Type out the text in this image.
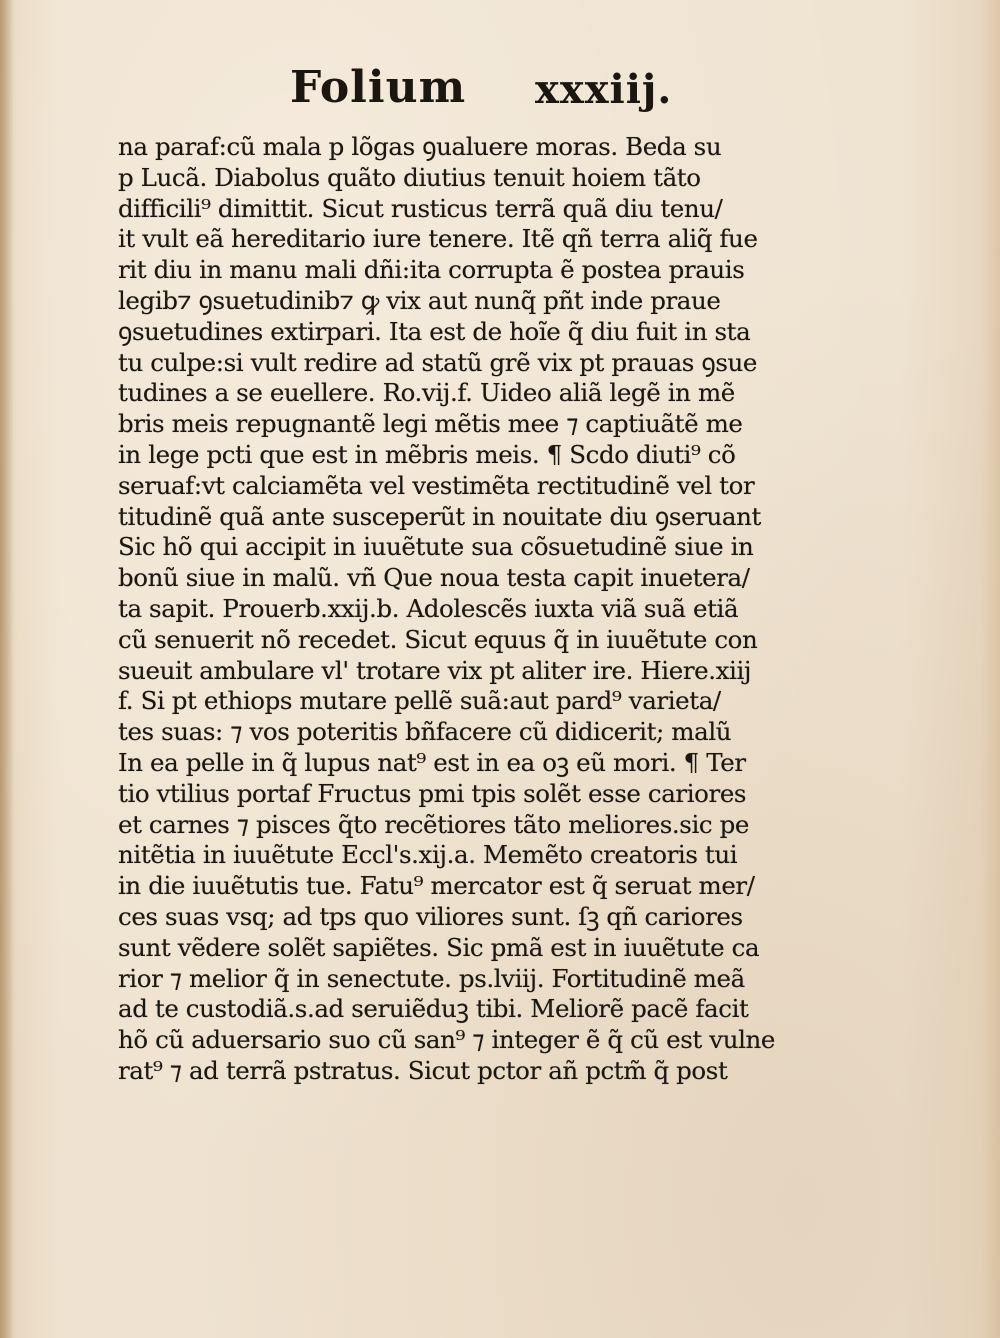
Folium xxxiij.
na paraf:cũ mala p lõgas ꝯualuere moras. Beda su
p Lucã. Diabolus quãto diutius tenuit hoiem tãto
difficili⁹ dimittit. Sicut rusticus terrã quã diu tenu/
it vult eã hereditario iure tenere. Itẽ qñ terra aliq̃ fue
rit diu in manu mali dñi:ita corrupta ẽ postea prauis
legib⁊ ꝯsuetudinib⁊ ꝙ vix aut nunq̃ pñt inde praue
ꝯsuetudines extirpari. Ita est de hoĩe q̃ diu fuit in sta
tu culpe:si vult redire ad statũ grẽ vix pt prauas ꝯsue
tudines a se euellere. Ro.vij.f. Uideo aliã legẽ in mẽ
bris meis repugnantẽ legi mẽtis mee ⁊ captiuãtẽ me
in lege pcti que est in mẽbris meis. ¶ Scdo diuti⁹ cõ
seruaf:vt calciamẽta vel vestimẽta rectitudinẽ vel tor
titudinẽ quã ante susceperũt in nouitate diu ꝯseruant
Sic hõ qui accipit in iuuẽtute sua cõsuetudinẽ siue in
bonũ siue in malũ. vñ Que noua testa capit inuetera/
ta sapit. Prouerb.xxij.b. Adolescẽs iuxta viã suã etiã
cũ senuerit nõ recedet. Sicut equus q̃ in iuuẽtute con
sueuit ambulare vl' trotare vix pt aliter ire. Hiere.xiij
f. Si pt ethiops mutare pellẽ suã:aut pard⁹ varieta/
tes suas: ⁊ vos poteritis bñfacere cũ didicerit; malũ
In ea pelle in q̃ lupus nat⁹ est in ea oꝫ eũ mori. ¶ Ter
tio vtilius portaf Fructus pmi tpis solẽt esse cariores
et carnes ⁊ pisces q̃to recẽtiores tãto meliores.sic pe
nitẽtia in iuuẽtute Eccl's.xij.a. Memẽto creatoris tui
in die iuuẽtutis tue. Fatu⁹ mercator est q̃ seruat mer/
ces suas vsq; ad tps quo viliores sunt. ſꝫ qñ cariores
sunt vẽdere solẽt sapiẽtes. Sic pmã est in iuuẽtute ca
rior ⁊ melior q̃ in senectute. ps.lviij. Fortitudinẽ meã
ad te custodiã.s.ad seruiẽduꝫ tibi. Meliorẽ pacẽ facit
hõ cũ aduersario suo cũ san⁹ ⁊ integer ẽ q̃ cũ est vulne
rat⁹ ⁊ ad terrã pstratus. Sicut pctor añ pctm̃ q̃ post
